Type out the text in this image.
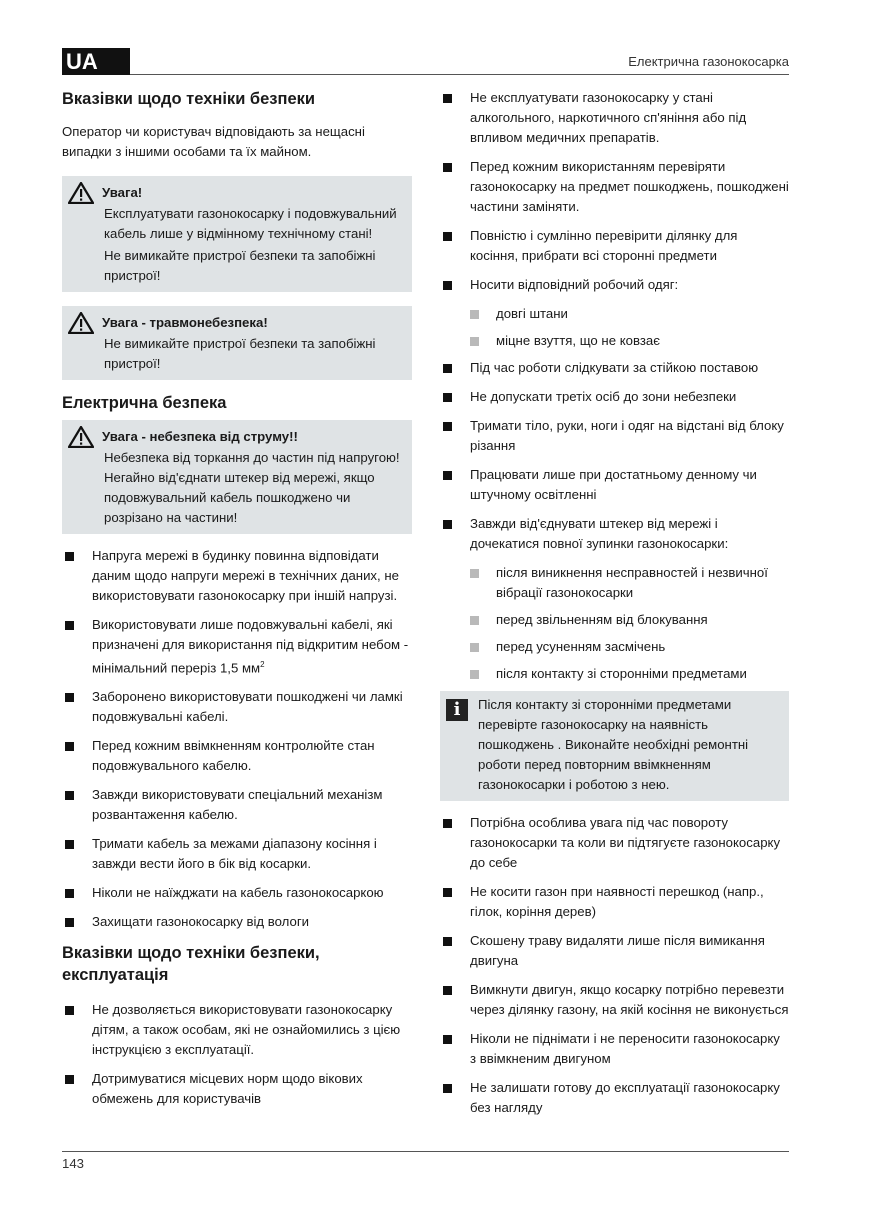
UA	Електрична газонокосарка
Вказівки щодо техніки безпеки

Оператор чи користувач відповідають за нещасні випадки з іншими особами та їх майном.

Увага!

Експлуатувати газонокосарку і подовжувальний кабель лише у відмінному технічному стані!

Не вимикайте пристрої безпеки та запобіжні пристрої!

Увага - травмонебезпека!

Не вимикайте пристрої безпеки та запобіжні пристрої!

Електрична безпека
Увага - небезпека від струму!!

Небезпека від торкання до частин під напругою! Негайно від'єднати штекер від мережі, якщо подовжувальний кабель пошкоджено чи розрізано на частини!

Напруга мережі в будинку повинна відповідати даним щодо напруги мережі в технічних даних, не використовувати газонокосарку при іншій напрузі.
Використовувати лише подовжувальні кабелі, які призначені для використання під відкритим небом - мінімальний переріз 1,5 $мм^2$
Заборонено використовувати пошкоджені чи ламкі подовжувальні кабелі.
Перед кожним ввімкненням контролюйте стан подовжувального кабелю.
Завжди використовувати спеціальний механізм розвантаження кабелю.
Тримати кабель за межами діапазону косіння і завжди вести його в бік від косарки.
Ніколи не наїжджати на кабель газонокосаркою
Захищати газонокосарку від вологи
Вказівки щодо техніки безпеки, експлуатація
Не дозволяється використовувати газонокосарку дітям, а також особам, які не ознайомились з цією інструкцією з експлуатації.
Дотримуватися місцевих норм щодо вікових обмежень для користувачів
Не експлуатувати газонокосарку у стані алкогольного, наркотичного сп'яніння або під впливом медичних препаратів.
Перед кожним використанням перевіряти газонокосарку на предмет пошкоджень, пошкоджені частини заміняти.
Повністю і сумлінно перевірити ділянку для косіння, прибрати всі сторонні предмети
Носити відповідний робочий одяг:
довгі штани
міцне взуття, що не ковзає
Під час роботи слідкувати за стійкою поставою
Не допускати третіх осіб до зони небезпеки
Тримати тіло, руки, ноги і одяг на відстані від блоку різання
Працювати лише при достатньому денному чи штучному освітленні
Завжди від'єднувати штекер від мережі і дочекатися повної зупинки газонокосарки:
після виникнення несправностей і незвичної вібрації газонокосарки
перед звільненням від блокування
перед усуненням засмічень
після контакту зі сторонніми предметами
i	Після контакту зі сторонніми предметами перевірте газонокосарку на наявність пошкоджень . Виконайте необхідні ремонтні роботи перед повторним ввімкненням газонокосарки і роботою з нею.
Потрібна особлива увага під час повороту газонокосарки та коли ви підтягуєте газонокосарку до себе
Не косити газон при наявності перешкод (напр., гілок, коріння дерев)
Скошену траву видаляти лише після вимикання двигуна
Вимкнути двигун, якщо косарку потрібно перевезти через ділянку газону, на якій косіння не виконується
Ніколи не піднімати і не переносити газонокосарку з ввімкненим двигуном
Не залишати готову до експлуатації газонокосарку без нагляду
143
